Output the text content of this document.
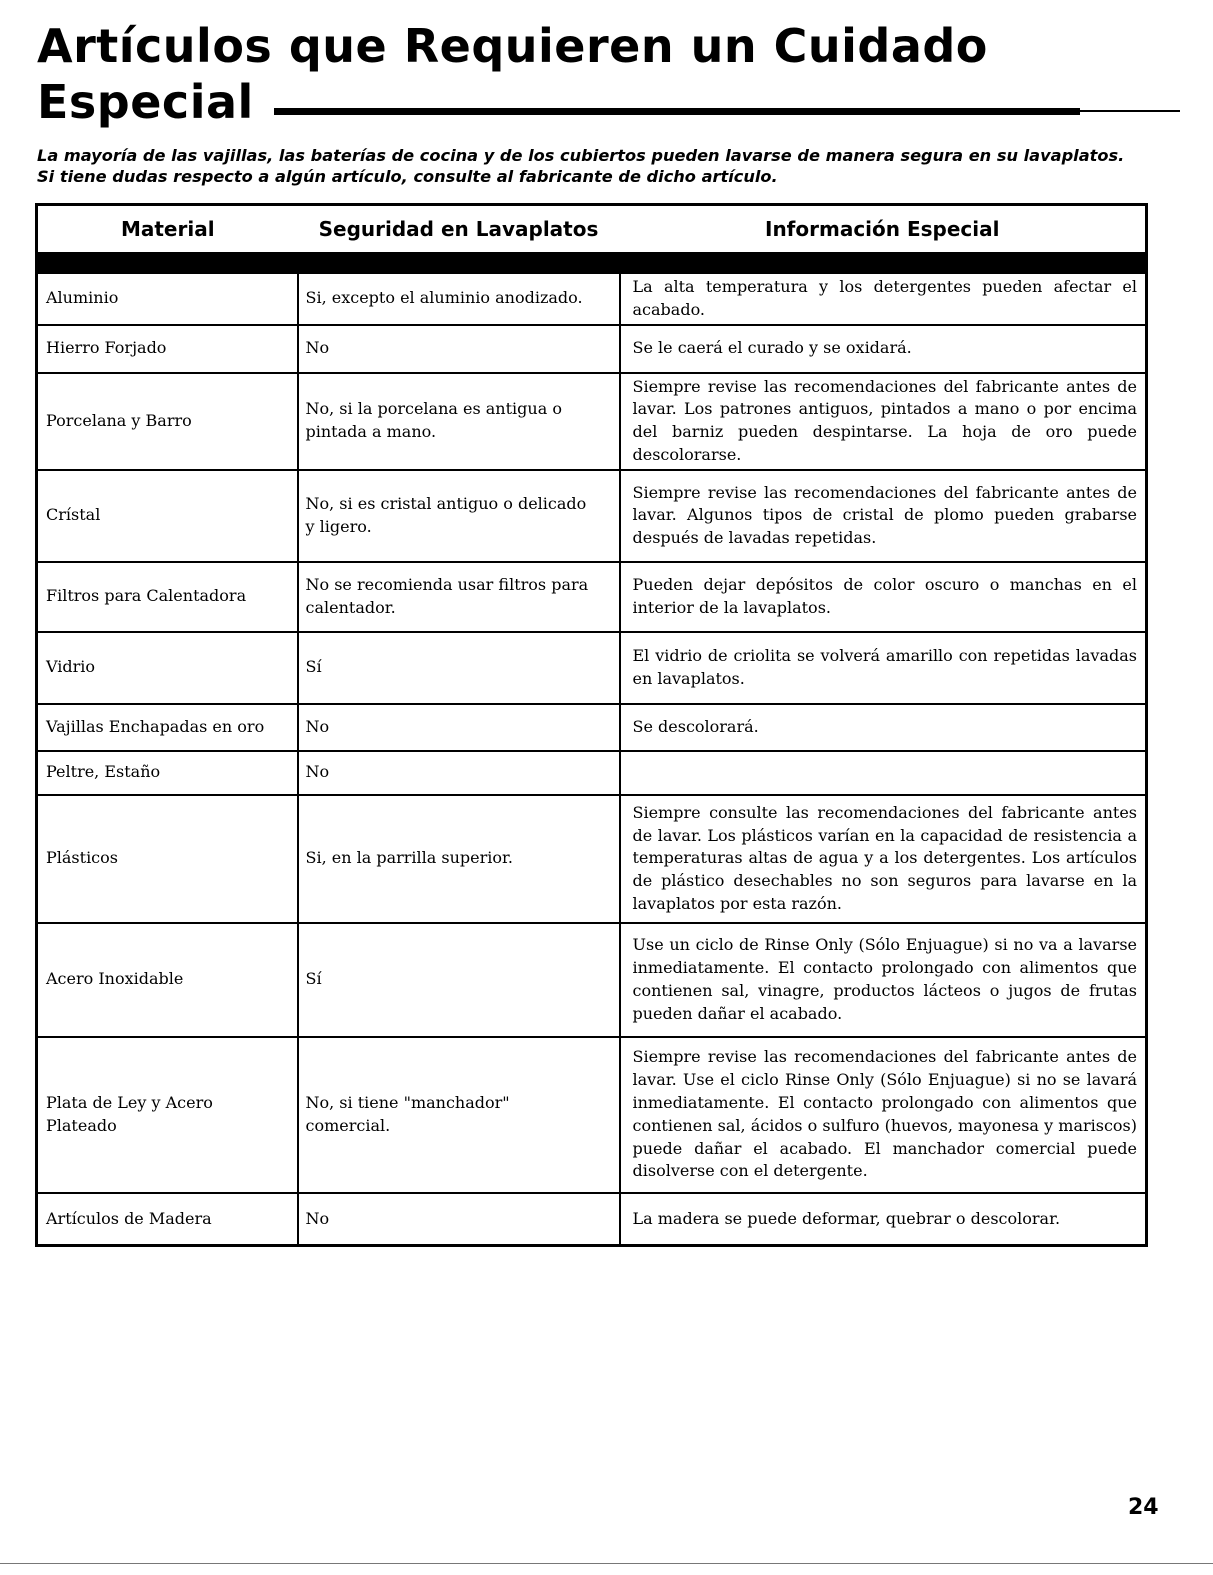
Artículos que Requieren un Cuidado

Especial

La mayoría de las vajillas, las baterías de cocina y de los cubiertos pueden lavarse de manera segura en su lavaplatos.
Si tiene dudas respecto a algún artículo, consulte al fabricante de dicho artículo.

Material	Seguridad en Lavaplatos	Información Especial

Aluminio	Si, excepto el aluminio anodizado.	La alta temperatura y los detergentes pueden afectar el acabado.
Hierro Forjado	No	Se le caerá el curado y se oxidará.
Porcelana y Barro	No, si la porcelana es antigua o pintada a mano.	Siempre revise las recomendaciones del fabricante antes de lavar. Los patrones antiguos, pintados a mano o por encima del barniz pueden despintarse. La hoja de oro puede descolorarse.
Crístal	No, si es cristal antiguo o delicado y ligero.	Siempre revise las recomendaciones del fabricante antes de lavar. Algunos tipos de cristal de plomo pueden grabarse después de lavadas repetidas.
Filtros para Calentadora	No se recomienda usar filtros para calentador.	Pueden dejar depósitos de color oscuro o manchas en el interior de la lavaplatos.
Vidrio	Sí	El vidrio de criolita se volverá amarillo con repetidas lavadas en lavaplatos.
Vajillas Enchapadas en oro	No	Se descolorará.
Peltre, Estaño	No	
Plásticos	Si, en la parrilla superior.	Siempre consulte las recomendaciones del fabricante antes de lavar. Los plásticos varían en la capacidad de resistencia a temperaturas altas de agua y a los detergentes. Los artículos de plástico desechables no son seguros para lavarse en la lavaplatos por esta razón.
Acero Inoxidable	Sí	Use un ciclo de Rinse Only (Sólo Enjuague) si no va a lavarse inmediatamente. El contacto prolongado con alimentos que contienen sal, vinagre, productos lácteos o jugos de frutas pueden dañar el acabado.
Plata de Ley y Acero Plateado	No, si tiene "manchador" comercial.	Siempre revise las recomendaciones del fabricante antes de lavar. Use el ciclo Rinse Only (Sólo Enjuague) si no se lavará inmediatamente. El contacto prolongado con alimentos que contienen sal, ácidos o sulfuro (huevos, mayonesa y mariscos) puede dañar el acabado. El manchador comercial puede disolverse con el detergente.
Artículos de Madera	No	La madera se puede deformar, quebrar o descolorar.
24
